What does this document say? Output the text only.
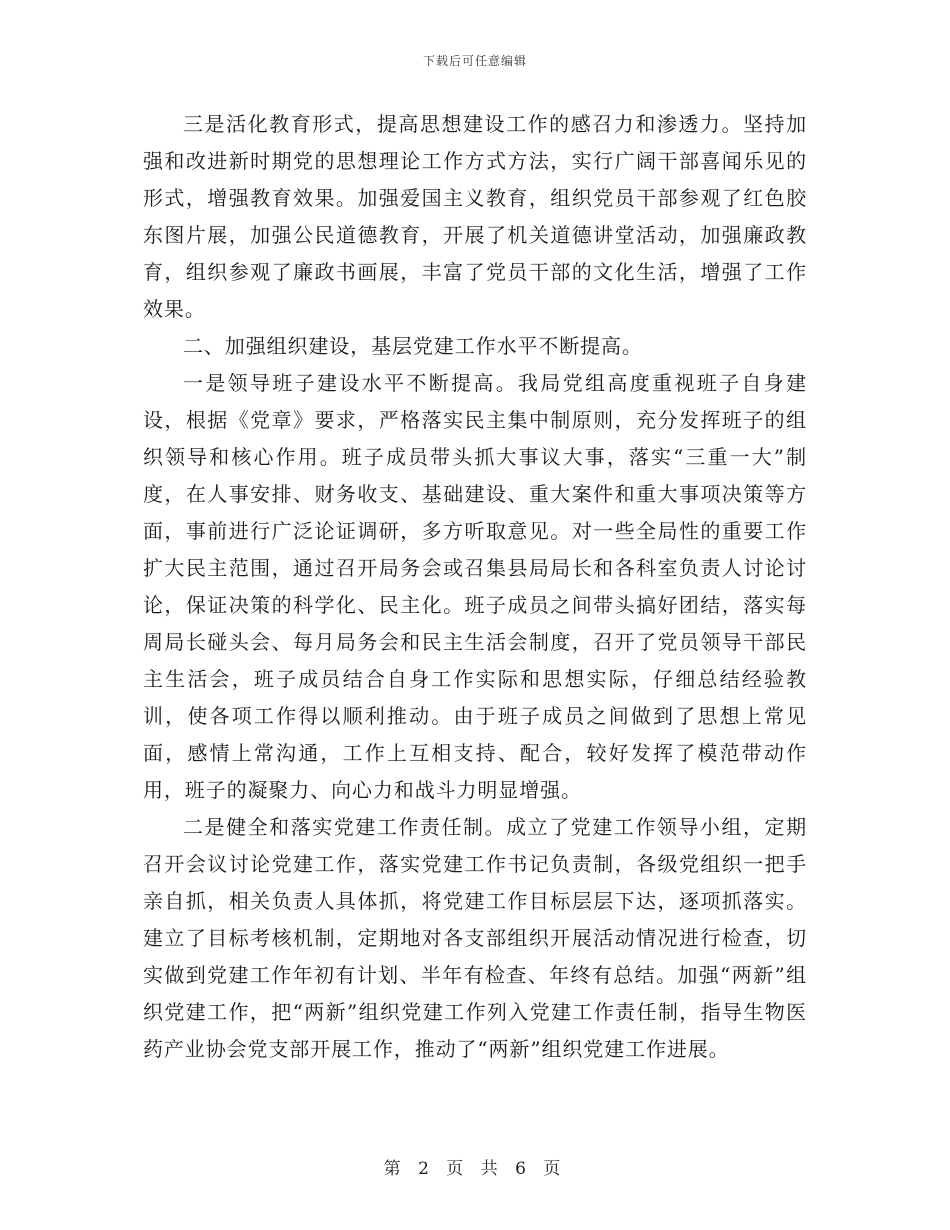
下载后可任意编辑

三是活化教育形式，提高思想建设工作的感召力和渗透力。坚持加强和改进新时期党的思想理论工作方式方法，实行广阔干部喜闻乐见的形式，增强教育效果。加强爱国主义教育，组织党员干部参观了红色胶东图片展，加强公民道德教育，开展了机关道德讲堂活动，加强廉政教育，组织参观了廉政书画展，丰富了党员干部的文化生活，增强了工作效果。

二、加强组织建设，基层党建工作水平不断提高。

一是领导班子建设水平不断提高。我局党组高度重视班子自身建设，根据《党章》要求，严格落实民主集中制原则，充分发挥班子的组织领导和核心作用。班子成员带头抓大事议大事，落实“三重一大”制度，在人事安排、财务收支、基础建设、重大案件和重大事项决策等方面，事前进行广泛论证调研，多方听取意见。对一些全局性的重要工作扩大民主范围，通过召开局务会或召集县局局长和各科室负责人讨论讨论，保证决策的科学化、民主化。班子成员之间带头搞好团结，落实每周局长碰头会、每月局务会和民主生活会制度，召开了党员领导干部民主生活会，班子成员结合自身工作实际和思想实际，仔细总结经验教训，使各项工作得以顺利推动。由于班子成员之间做到了思想上常见面，感情上常沟通，工作上互相支持、配合，较好发挥了模范带动作用，班子的凝聚力、向心力和战斗力明显增强。

二是健全和落实党建工作责任制。成立了党建工作领导小组，定期召开会议讨论党建工作，落实党建工作书记负责制，各级党组织一把手亲自抓，相关负责人具体抓，将党建工作目标层层下达，逐项抓落实。建立了目标考核机制，定期地对各支部组织开展活动情况进行检查，切实做到党建工作年初有计划、半年有检查、年终有总结。加强“两新”组织党建工作，把“两新”组织党建工作列入党建工作责任制，指导生物医药产业协会党支部开展工作，推动了“两新”组织党建工作进展。

第 2 页 共 6 页
